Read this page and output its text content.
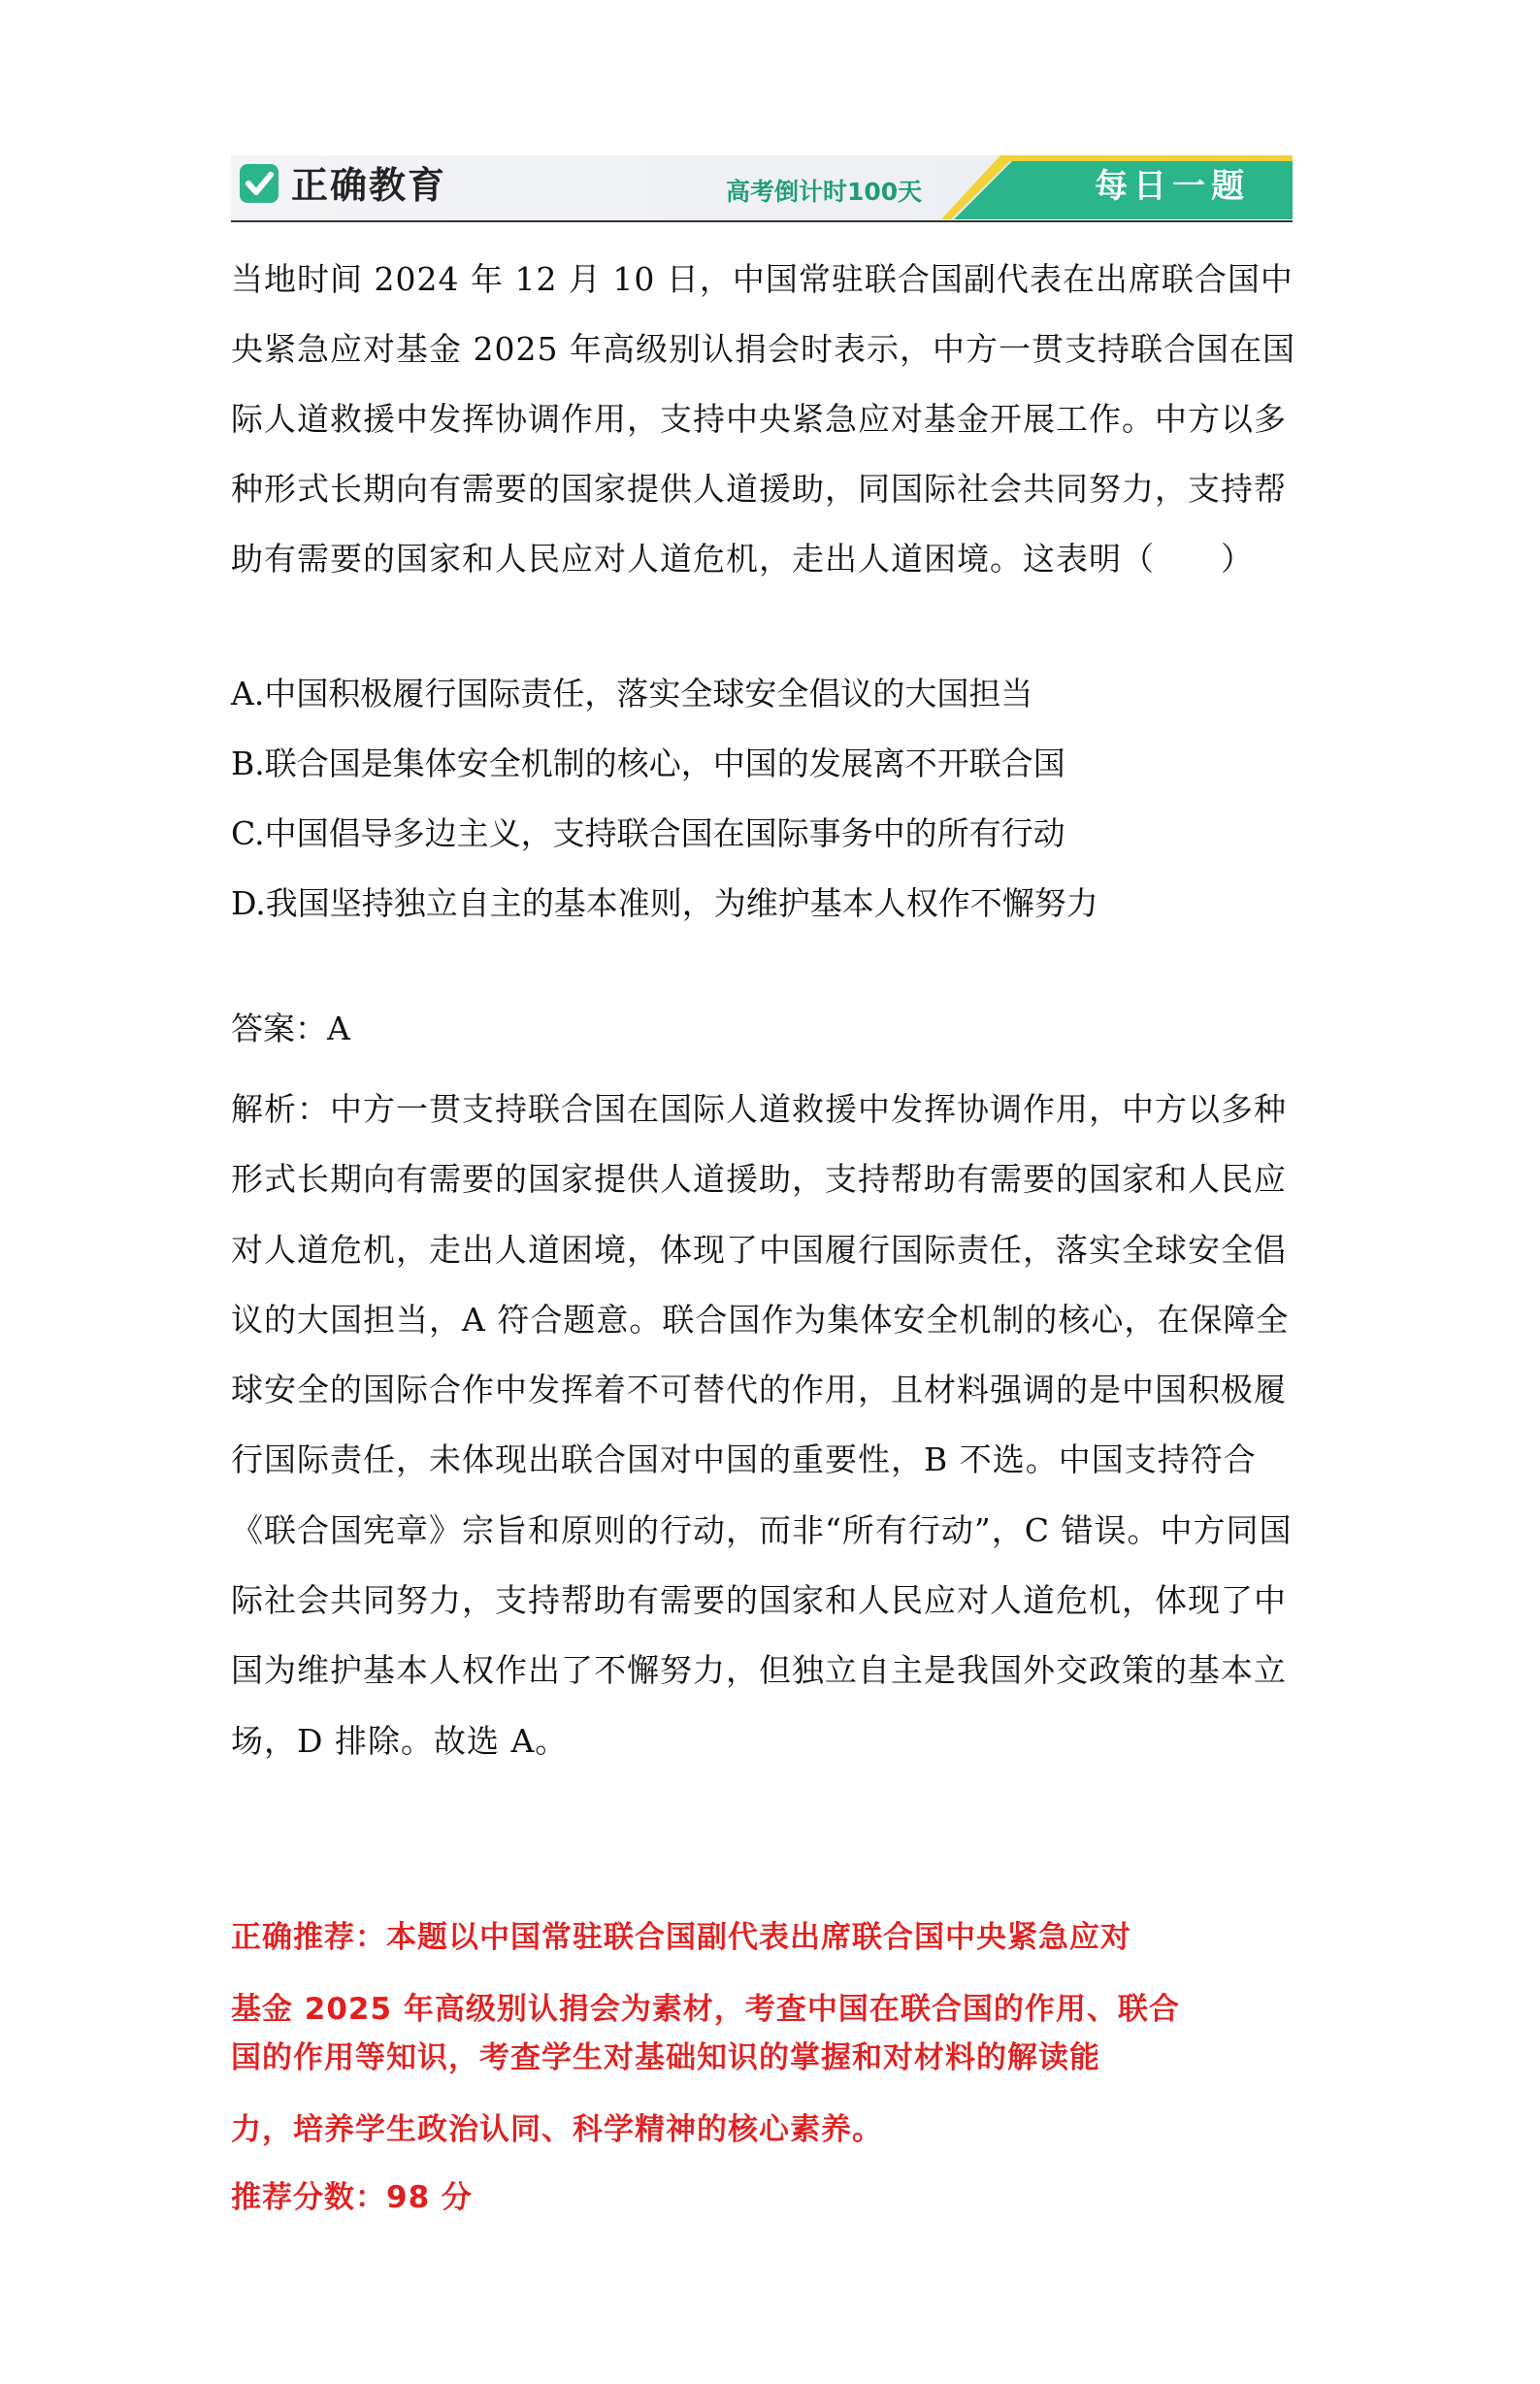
正确教育	高考倒计时100天	每日一题

当地时间 2024 年 12 月 10 日，中国常驻联合国副代表在出席联合国中央紧急应对基金 2025 年高级别认捐会时表示，中方一贯支持联合国在国际人道救援中发挥协调作用，支持中央紧急应对基金开展工作。中方以多种形式长期向有需要的国家提供人道援助，同国际社会共同努力，支持帮助有需要的国家和人民应对人道危机，走出人道困境。这表明（　　）

A.中国积极履行国际责任，落实全球安全倡议的大国担当

B.联合国是集体安全机制的核心，中国的发展离不开联合国

C.中国倡导多边主义，支持联合国在国际事务中的所有行动

D.我国坚持独立自主的基本准则，为维护基本人权作不懈努力

答案：A

解析：中方一贯支持联合国在国际人道救援中发挥协调作用，中方以多种形式长期向有需要的国家提供人道援助，支持帮助有需要的国家和人民应对人道危机，走出人道困境，体现了中国履行国际责任，落实全球安全倡议的大国担当，A 符合题意。联合国作为集体安全机制的核心，在保障全球安全的国际合作中发挥着不可替代的作用，且材料强调的是中国积极履行国际责任，未体现出联合国对中国的重要性，B 不选。中国支持符合《联合国宪章》宗旨和原则的行动，而非“所有行动”，C 错误。中方同国际社会共同努力，支持帮助有需要的国家和人民应对人道危机，体现了中国为维护基本人权作出了不懈努力，但独立自主是我国外交政策的基本立场，D 排除。故选 A。

正确推荐：本题以中国常驻联合国副代表出席联合国中央紧急应对
基金 2025 年高级别认捐会为素材，考查中国在联合国的作用、联合
国的作用等知识，考查学生对基础知识的掌握和对材料的解读能
力，培养学生政治认同、科学精神的核心素养。
推荐分数：98 分
